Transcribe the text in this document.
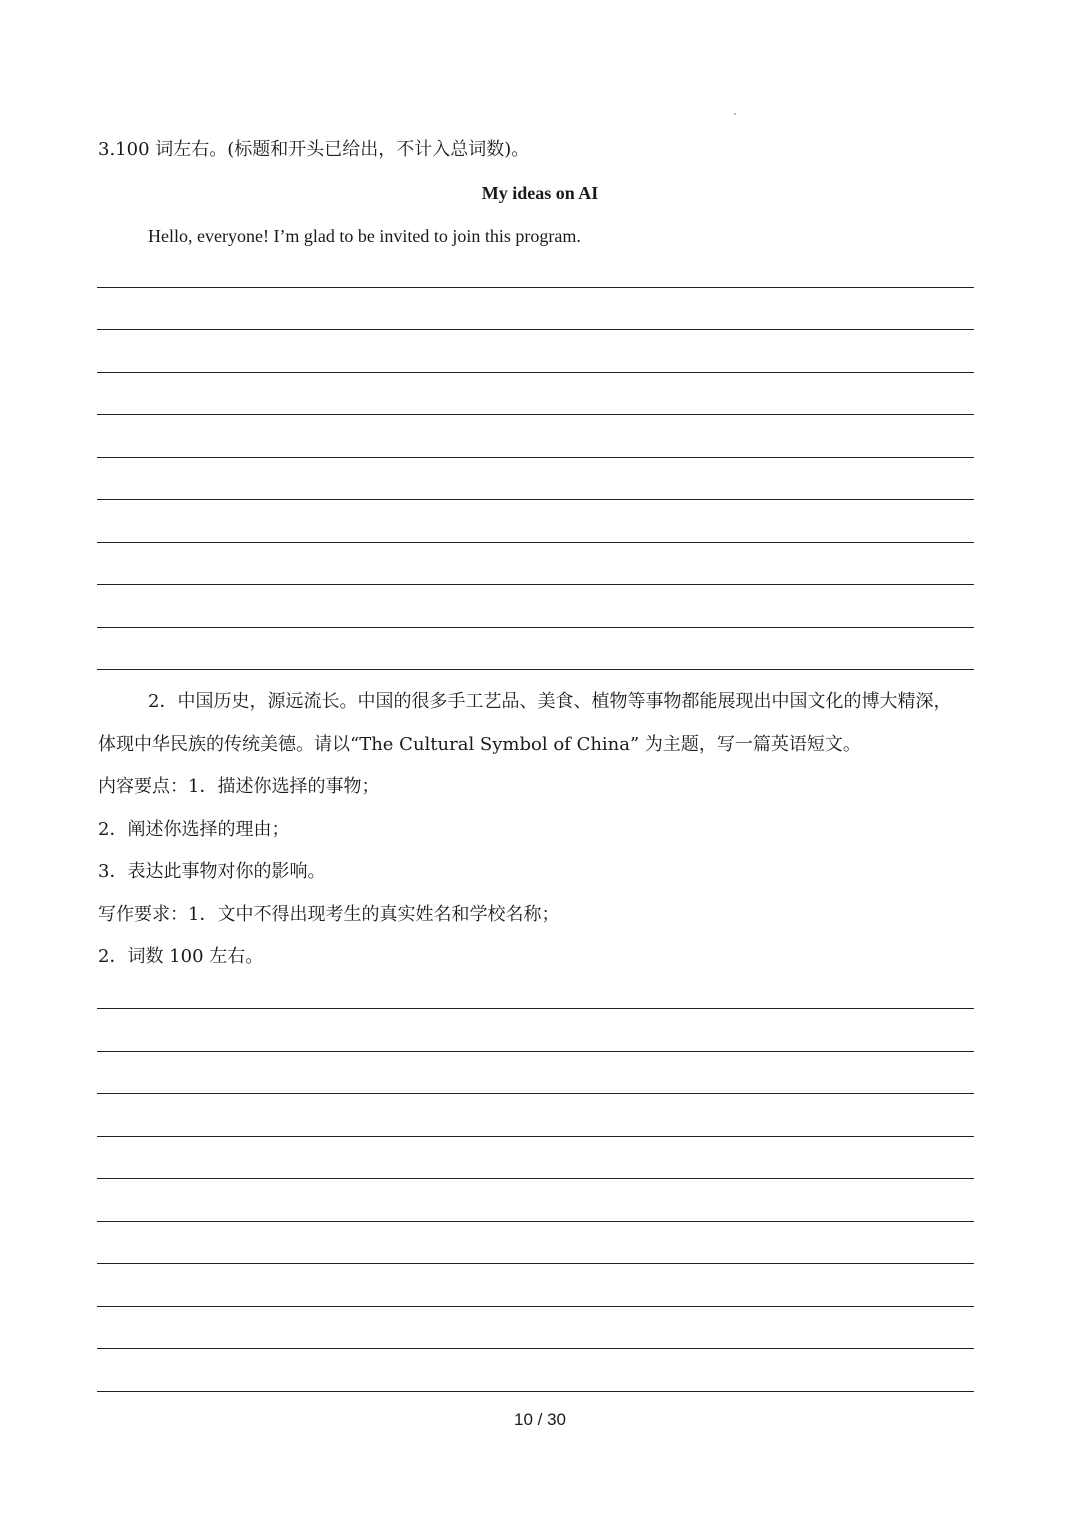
3.100 词左右。(标题和开头已给出，不计入总词数)。
My ideas on AI
Hello, everyone! I’m glad to be invited to join this program.
2．中国历史，源远流长。中国的很多手工艺品、美食、植物等事物都能展现出中国文化的博大精深，
体现中华民族的传统美德。请以“The Cultural Symbol of China” 为主题，写一篇英语短文。
内容要点：1．描述你选择的事物；
2．阐述你选择的理由；
3．表达此事物对你的影响。
写作要求：1．文中不得出现考生的真实姓名和学校名称；
2．词数 100 左右。
10 / 30
